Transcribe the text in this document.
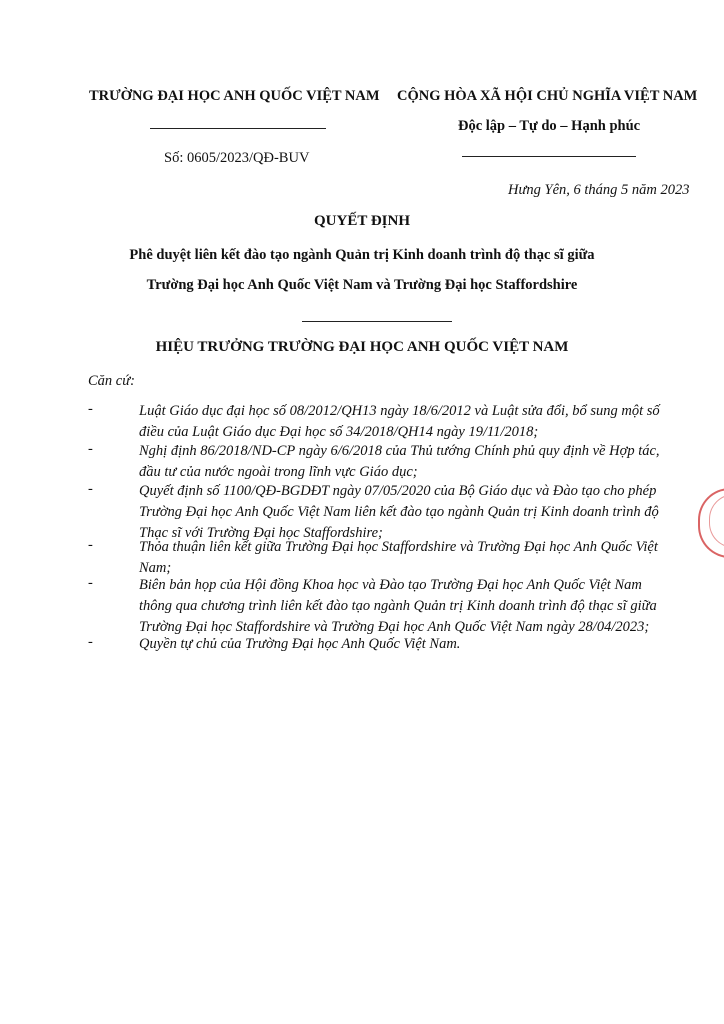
TRƯỜNG ĐẠI HỌC ANH QUỐC VIỆT NAM
Số: 0605/2023/QĐ-BUV
CỘNG HÒA XÃ HỘI CHỦ NGHĨA VIỆT NAM
Độc lập – Tự do – Hạnh phúc
Hưng Yên, 6 tháng 5 năm 2023
QUYẾT ĐỊNH
Phê duyệt liên kết đào tạo ngành Quản trị Kinh doanh trình độ thạc sĩ giữa
Trường Đại học Anh Quốc Việt Nam và Trường Đại học Staffordshire
HIỆU TRƯỞNG TRƯỜNG ĐẠI HỌC ANH QUỐC VIỆT NAM
Căn cứ:
-	Luật Giáo dục đại học số 08/2012/QH13 ngày 18/6/2012 và Luật sửa đổi, bổ sung một số điều của Luật Giáo dục Đại học số 34/2018/QH14 ngày 19/11/2018;
-	Nghị định 86/2018/ND-CP ngày 6/6/2018 của Thủ tướng Chính phủ quy định về Hợp tác, đầu tư của nước ngoài trong lĩnh vực Giáo dục;
-	Quyết định số 1100/QĐ-BGDĐT ngày 07/05/2020 của Bộ Giáo dục và Đào tạo cho phép Trường Đại học Anh Quốc Việt Nam liên kết đào tạo ngành Quản trị Kinh doanh trình độ Thạc sĩ với Trường Đại học Staffordshire;
-	Thỏa thuận liên kết giữa Trường Đại học Staffordshire và Trường Đại học Anh Quốc Việt Nam;
-	Biên bản họp của Hội đồng Khoa học và Đào tạo Trường Đại học Anh Quốc Việt Nam thông qua chương trình liên kết đào tạo ngành Quản trị Kinh doanh trình độ thạc sĩ giữa Trường Đại học Staffordshire và Trường Đại học Anh Quốc Việt Nam ngày 28/04/2023;
-	Quyền tự chủ của Trường Đại học Anh Quốc Việt Nam.
